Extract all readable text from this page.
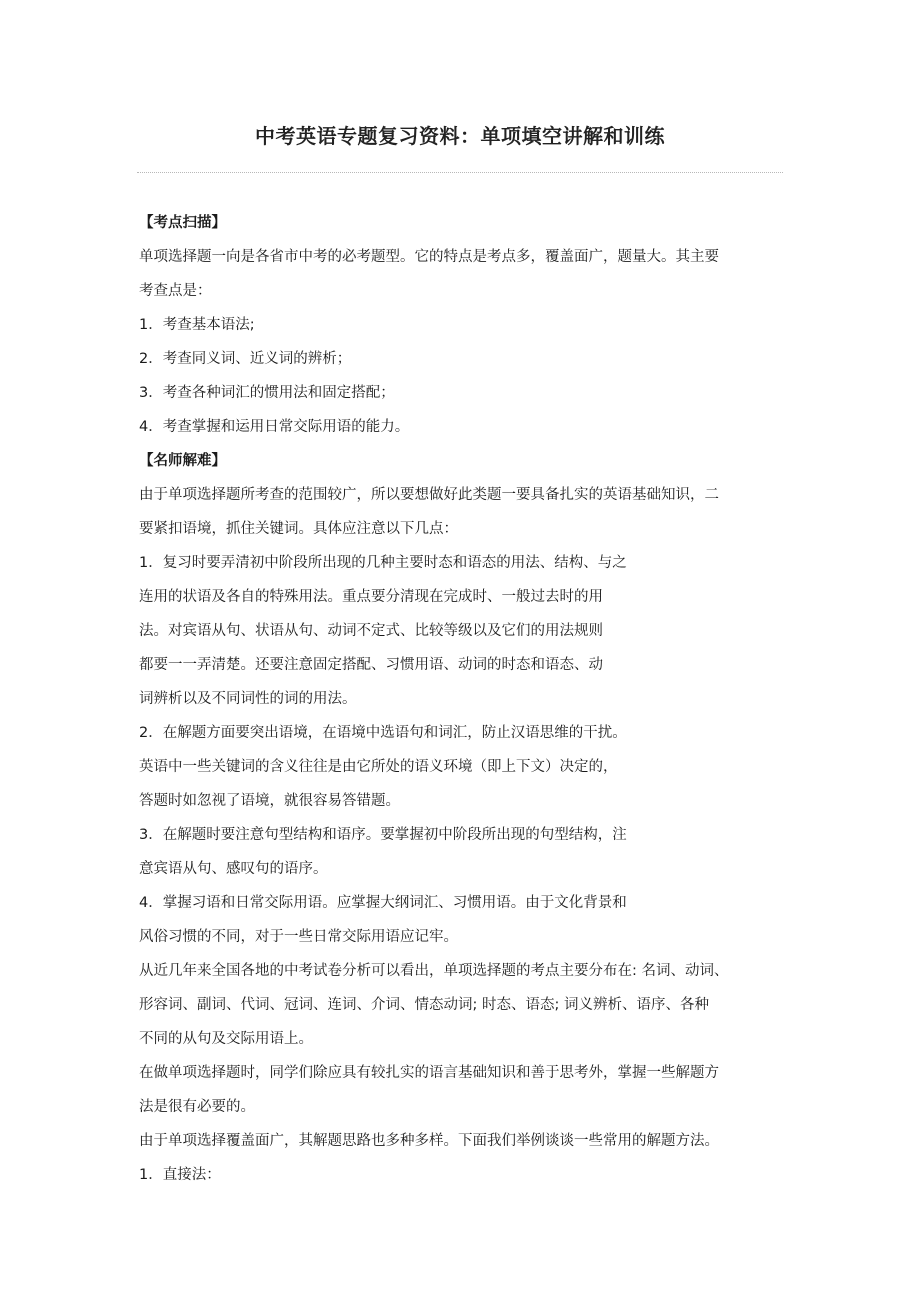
中考英语专题复习资料：单项填空讲解和训练
【考点扫描】
单项选择题一向是各省市中考的必考题型。它的特点是考点多，覆盖面广，题量大。其主要
考查点是：
1．考查基本语法;
2．考查同义词、近义词的辨析；
3．考查各种词汇的惯用法和固定搭配；
4．考查掌握和运用日常交际用语的能力。
【名师解难】
由于单项选择题所考查的范围较广，所以要想做好此类题一要具备扎实的英语基础知识，二
要紧扣语境，抓住关键词。具体应注意以下几点：
1．复习时要弄清初中阶段所出现的几种主要时态和语态的用法、结构、与之
连用的状语及各自的特殊用法。重点要分清现在完成时、一般过去时的用
法。对宾语从句、状语从句、动词不定式、比较等级以及它们的用法规则
都要一一弄清楚。还要注意固定搭配、习惯用语、动词的时态和语态、动
词辨析以及不同词性的词的用法。
2．在解题方面要突出语境，在语境中选语句和词汇，防止汉语思维的干扰。
英语中一些关键词的含义往往是由它所处的语义环境（即上下文）决定的，
答题时如忽视了语境，就很容易答错题。
3．在解题时要注意句型结构和语序。要掌握初中阶段所出现的句型结构，注
意宾语从句、感叹句的语序。
4．掌握习语和日常交际用语。应掌握大纲词汇、习惯用语。由于文化背景和
风俗习惯的不同，对于一些日常交际用语应记牢。
从近几年来全国各地的中考试卷分析可以看出，单项选择题的考点主要分布在: 名词、动词、
形容词、副词、代词、冠词、连词、介词、情态动词; 时态、语态; 词义辨析、语序、各种
不同的从句及交际用语上。
在做单项选择题时，同学们除应具有较扎实的语言基础知识和善于思考外，掌握一些解题方
法是很有必要的。
由于单项选择覆盖面广，其解题思路也多种多样。下面我们举例谈谈一些常用的解题方法。
1．直接法：
